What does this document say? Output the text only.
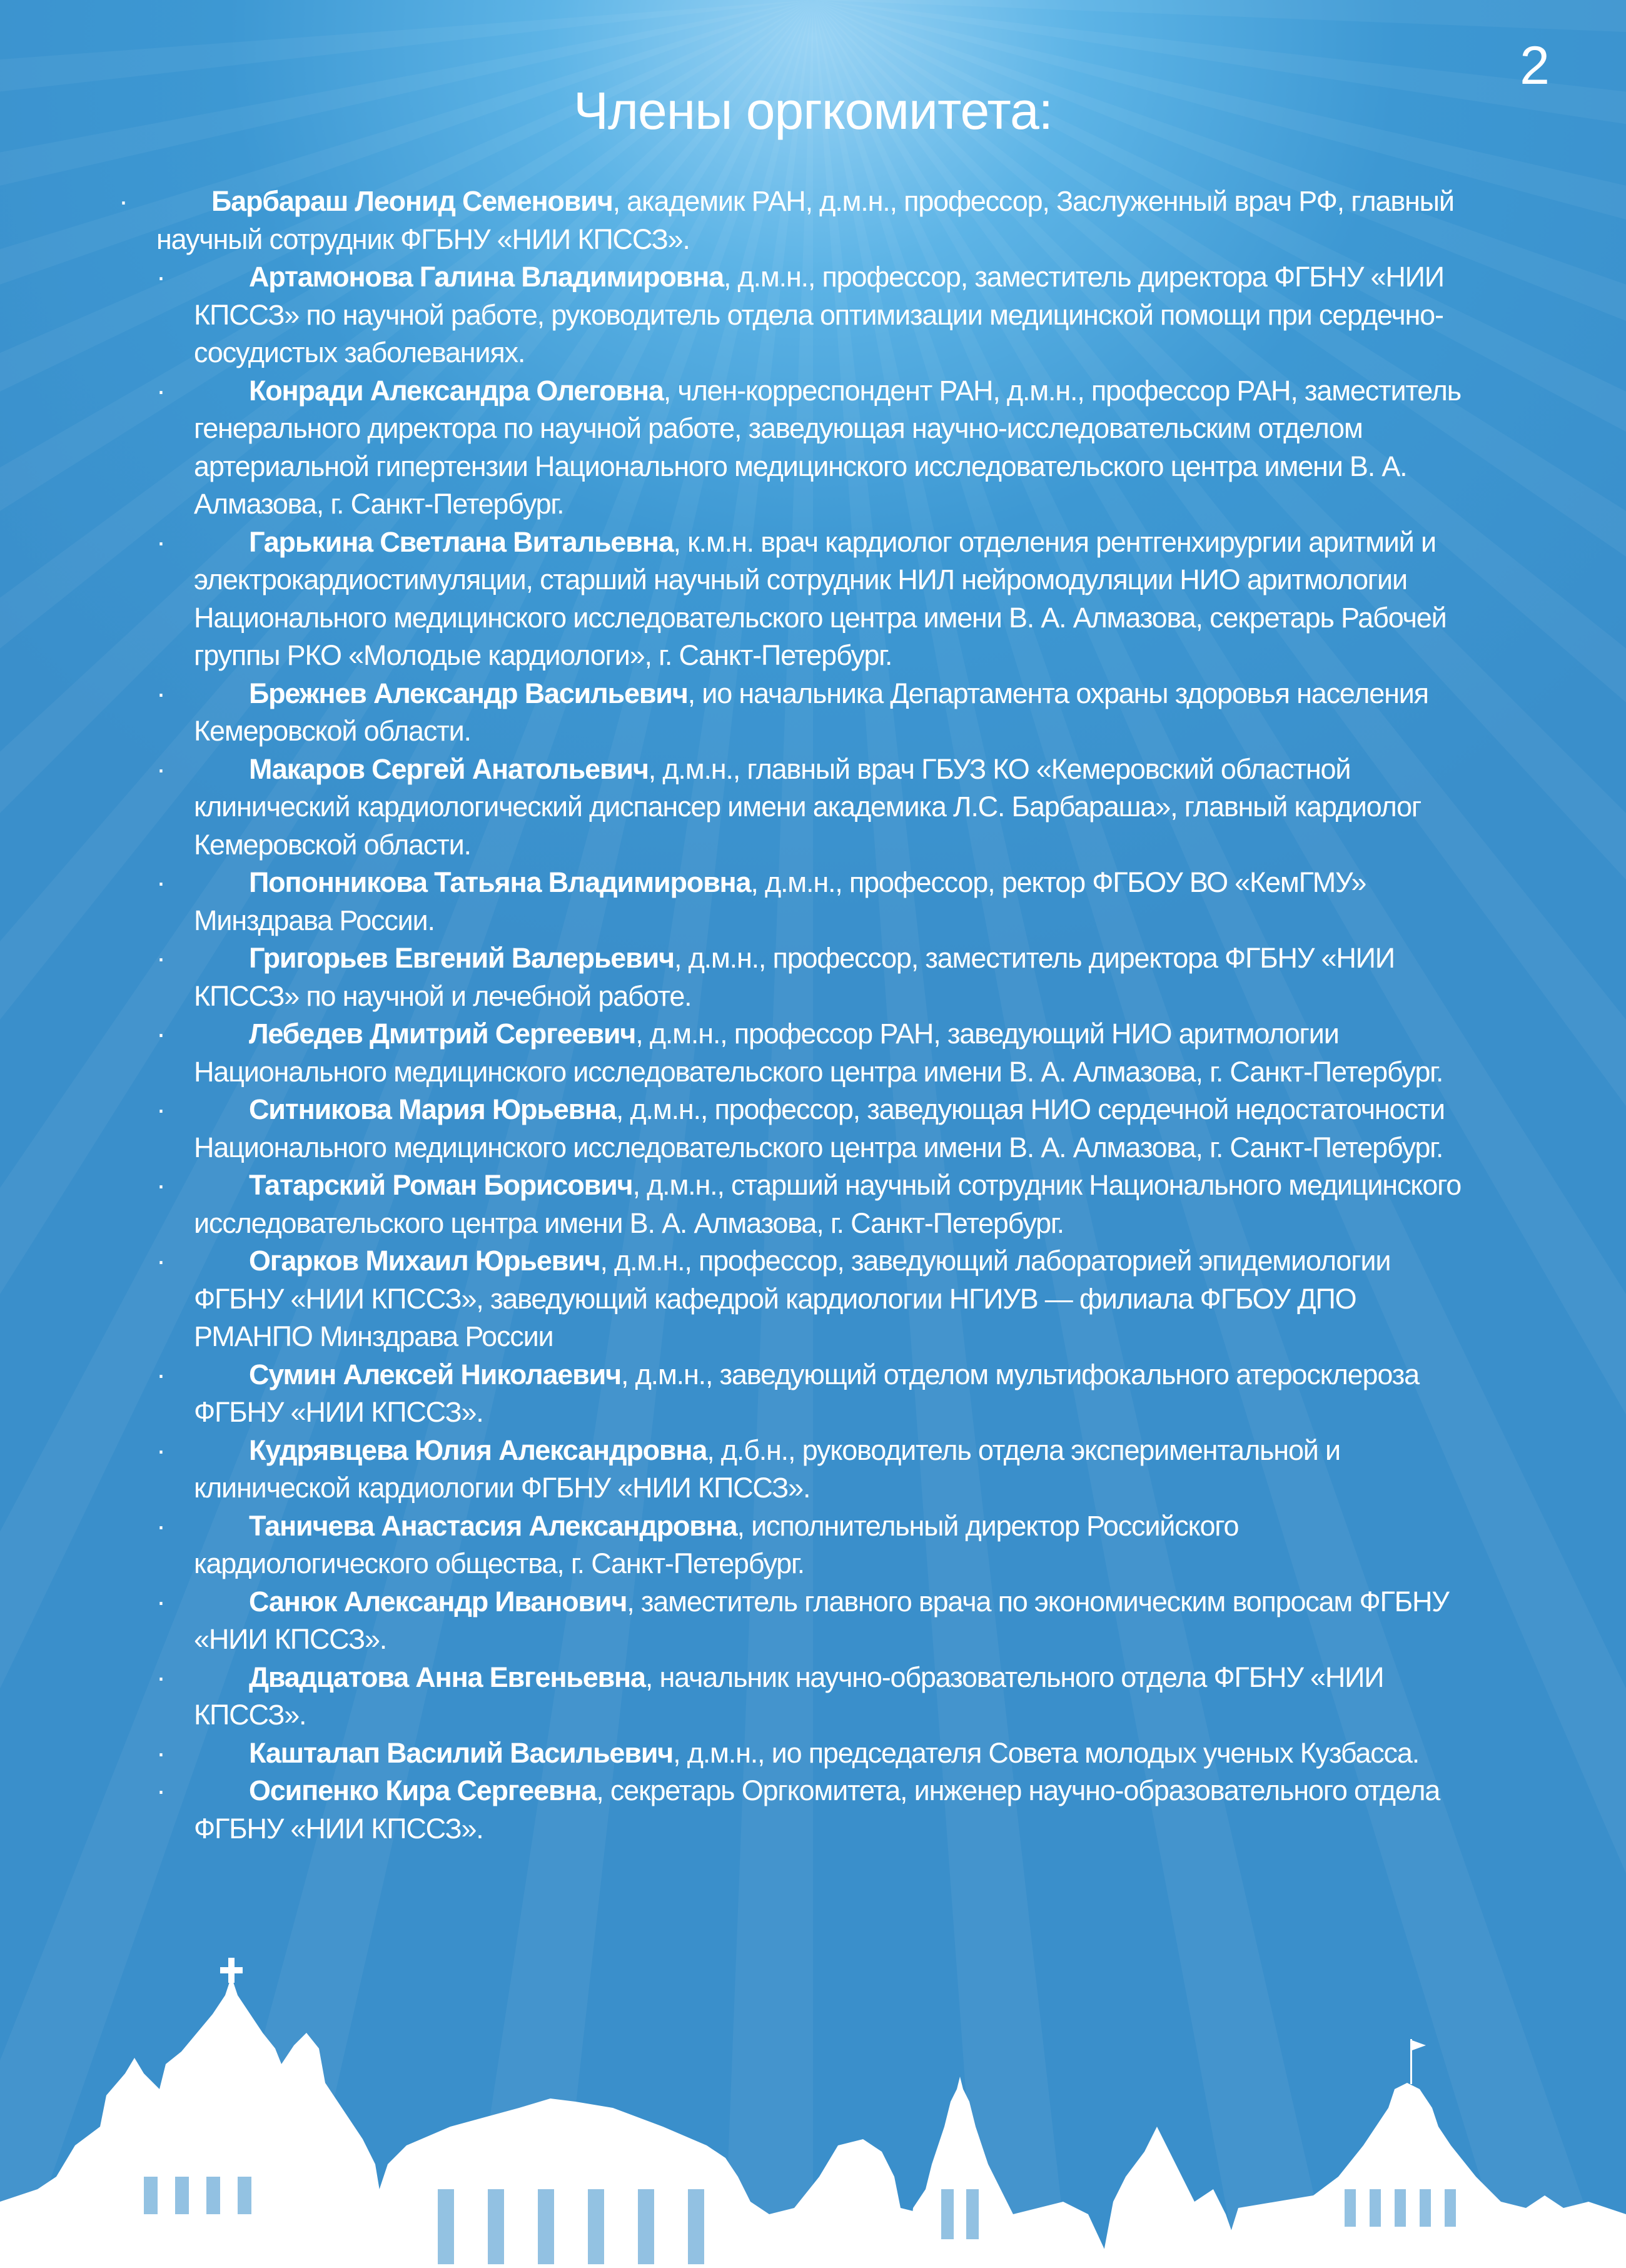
2
Члены оргкомитета:
·	Барбараш Леонид Семенович, академик РАН, д.м.н., профессор, Заслуженный врач РФ, главный научный сотрудник ФГБНУ «НИИ КПССЗ».
·	Артамонова Галина Владимировна, д.м.н., профессор, заместитель директора ФГБНУ «НИИ КПССЗ» по научной работе, руководитель отдела оптимизации медицинской помощи при сердечно-сосудистых заболеваниях.
·	Конради Александра Олеговна, член-корреспондент РАН, д.м.н., профессор РАН, заместитель генерального директора по научной работе, заведующая научно-исследовательским отделом артериальной гипертензии Национального медицинского исследовательского центра имени В. А. Алмазова, г. Санкт-Петербург.
·	Гарькина Светлана Витальевна, к.м.н. врач кардиолог отделения рентгенхирургии аритмий и электрокардиостимуляции, старший научный сотрудник НИЛ нейромодуляции НИО аритмологии Национального медицинского исследовательского центра имени В. А. Алмазова, секретарь Рабочей группы РКО «Молодые кардиологи», г. Санкт-Петербург.
·	Брежнев Александр Васильевич, ио начальника Департамента охраны здоровья населения Кемеровской области.
·	Макаров Сергей Анатольевич, д.м.н., главный врач ГБУЗ КО «Кемеровский областной клинический кардиологический диспансер имени академика Л.С. Барбараша», главный кардиолог Кемеровской области.
·	Попонникова Татьяна Владимировна, д.м.н., профессор, ректор ФГБОУ ВО «КемГМУ» Минздрава России.
·	Григорьев Евгений Валерьевич, д.м.н., профессор, заместитель директора ФГБНУ «НИИ КПССЗ» по научной и лечебной работе.
·	Лебедев Дмитрий Сергеевич, д.м.н., профессор РАН, заведующий НИО аритмологии Национального медицинского исследовательского центра имени В. А. Алмазова, г. Санкт-Петербург.
·	Ситникова Мария Юрьевна, д.м.н., профессор, заведующая НИО сердечной недостаточности Национального медицинского исследовательского центра имени В. А. Алмазова, г. Санкт-Петербург.
·	Татарский Роман Борисович, д.м.н., старший научный сотрудник Национального медицинского исследовательского центра имени В. А. Алмазова, г. Санкт-Петербург.
·	Огарков Михаил Юрьевич, д.м.н., профессор, заведующий лабораторией эпидемиологии ФГБНУ «НИИ КПССЗ», заведующий кафедрой кардиологии НГИУВ — филиала ФГБОУ ДПО РМАНПО Минздрава России
·	Сумин Алексей Николаевич, д.м.н., заведующий отделом мультифокального атеросклероза ФГБНУ «НИИ КПССЗ».
·	Кудрявцева Юлия Александровна, д.б.н., руководитель отдела экспериментальной и клинической кардиологии ФГБНУ «НИИ КПССЗ».
·	Таничева Анастасия Александровна, исполнительный директор Российского кардиологического общества, г. Санкт-Петербург.
·	Санюк Александр Иванович, заместитель главного врача по экономическим вопросам ФГБНУ «НИИ КПССЗ».
·	Двадцатова Анна Евгеньевна, начальник научно-образовательного отдела ФГБНУ «НИИ КПССЗ».
·	Кашталап Василий Васильевич, д.м.н., ио председателя Совета молодых ученых Кузбасса.
·	Осипенко Кира Сергеевна, секретарь Оргкомитета, инженер научно-образовательного отдела ФГБНУ «НИИ КПССЗ».
